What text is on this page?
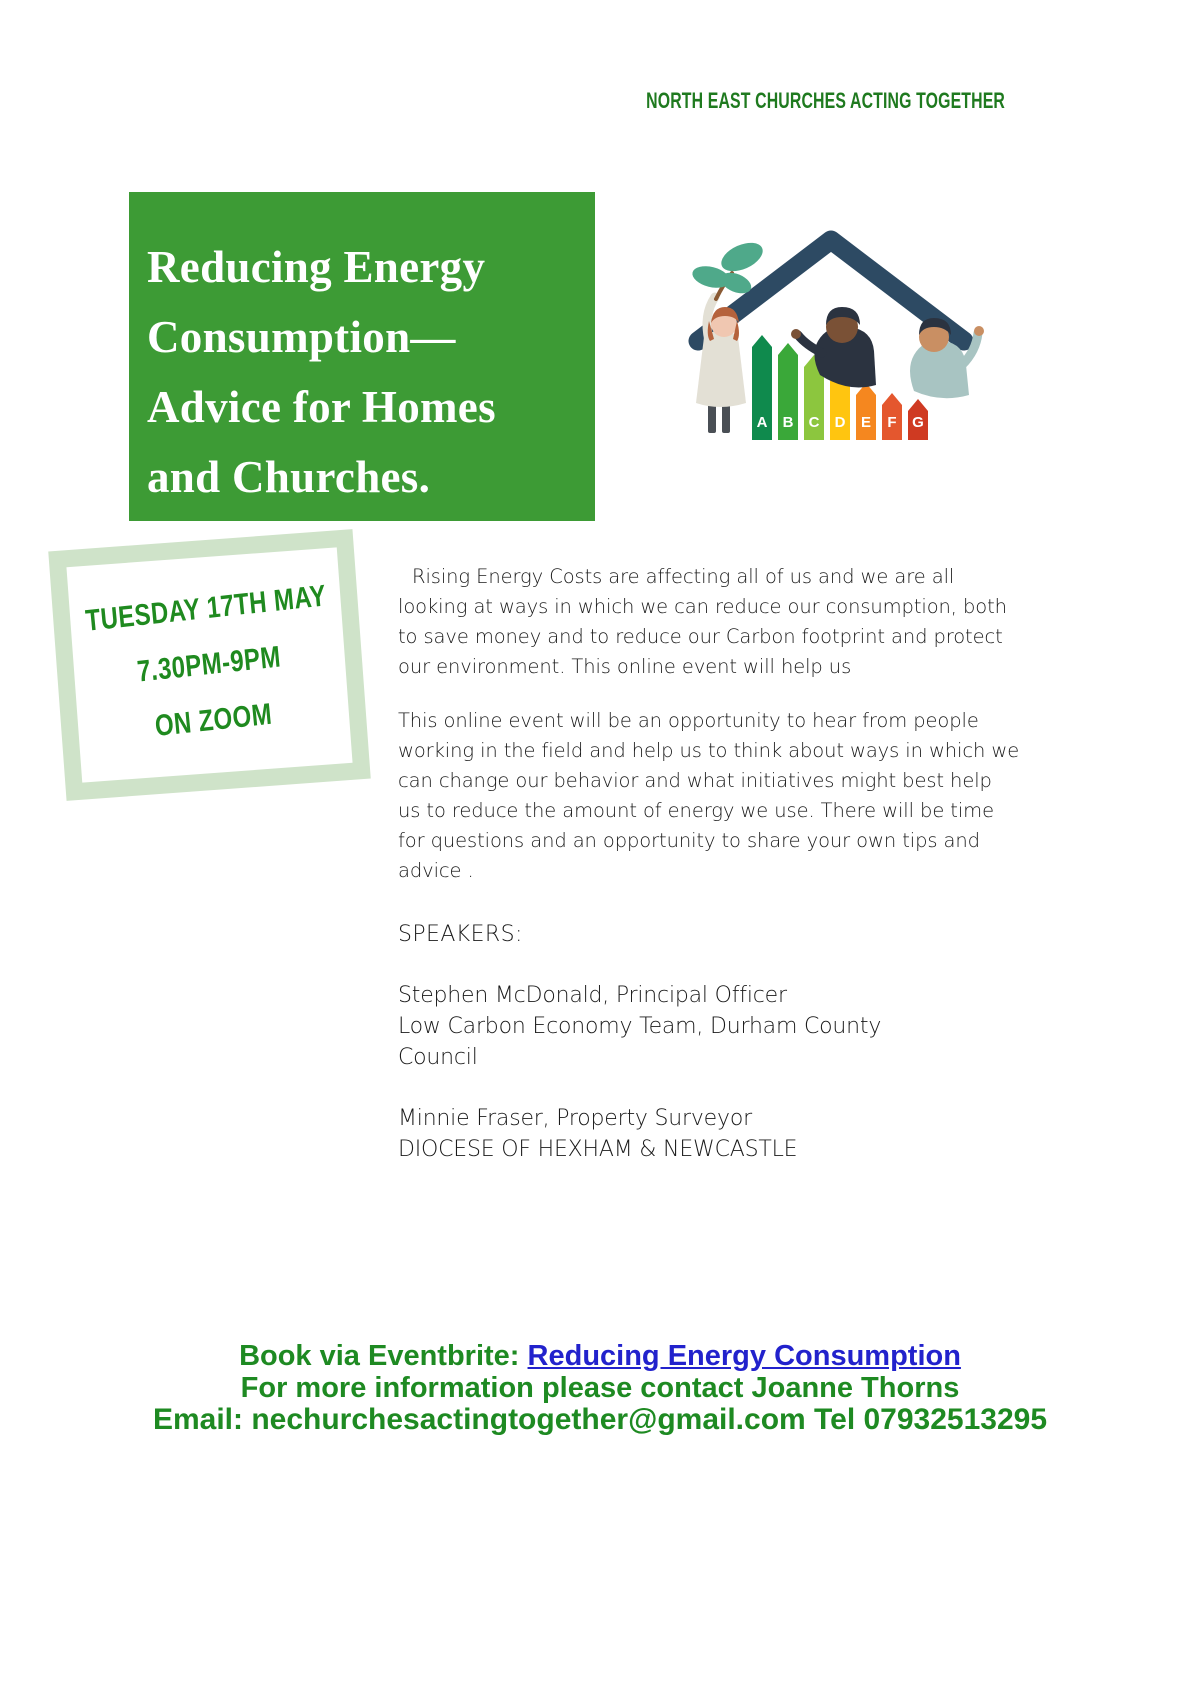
NORTH EAST CHURCHES ACTING TOGETHER
Reducing Energy
Consumption—
Advice for Homes
and Churches.
A B C D E F G
TUESDAY 17TH MAY
7.30PM-9PM
ON ZOOM

Rising Energy Costs are affecting all of us and we are all looking at ways in which we can reduce our consumption, both to save money and to reduce our Carbon footprint and protect our environment. This online event will help us

This online event will be an opportunity to hear from people working in the field and help us to think about ways in which we can change our behavior and what initiatives might best help us to reduce the amount of energy we use. There will be time for questions and an opportunity to share your own tips and advice .

SPEAKERS:

Stephen McDonald, Principal Officer
Low Carbon Economy Team, Durham County
Council
Minnie Fraser, Property Surveyor
DIOCESE OF HEXHAM & NEWCASTLE
Book via Eventbrite: Reducing Energy Consumption
For more information please contact Joanne Thorns
Email: nechurchesactingtogether@gmail.com Tel 07932513295
